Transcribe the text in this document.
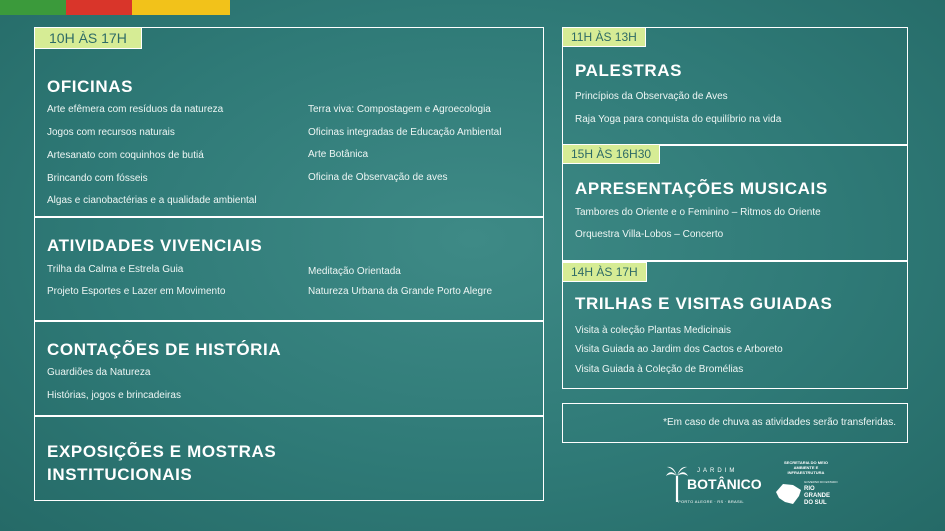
10H ÀS 17H
OFICINAS
Arte efêmera com resíduos da natureza
Jogos com recursos naturais
Artesanato com coquinhos de butiá
Brincando com fósseis
Algas e cianobactérias e a qualidade ambiental
Terra viva: Compostagem e Agroecologia
Oficinas integradas de Educação Ambiental
Arte Botânica
Oficina de Observação de aves
ATIVIDADES VIVENCIAIS
Trilha da Calma e Estrela Guia
Projeto Esportes e Lazer em Movimento
Meditação Orientada
Natureza Urbana da Grande Porto Alegre
CONTAÇÕES DE HISTÓRIA
Guardiões da Natureza
Histórias, jogos e brincadeiras
EXPOSIÇÕES E MOSTRAS
INSTITUCIONAIS
11H ÀS 13H
PALESTRAS
Princípios da Observação de Aves
Raja Yoga para conquista do equilíbrio na vida
15H ÀS 16H30
APRESENTAÇÕES MUSICAIS
Tambores do Oriente e o Feminino – Ritmos do Oriente
Orquestra Villa-Lobos – Concerto
14H ÀS 17H
TRILHAS E VISITAS GUIADAS
Visita à coleção Plantas Medicinais
Visita Guiada ao Jardim dos Cactos e Arboreto
Visita Guiada à Coleção de Bromélias
*Em caso de chuva as atividades serão transferidas.
JARDIM
BOTÂNICO
PORTO ALEGRE · RS · BRASIL
SECRETARIA DO MEIO AMBIENTE E INFRAESTRUTURA
GOVERNO DO ESTADO
RIO
GRANDE
DO SUL
